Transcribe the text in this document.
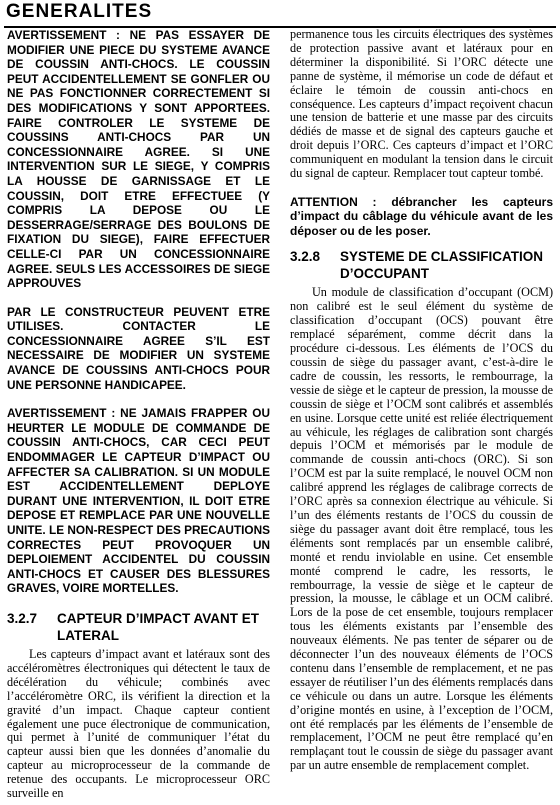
GENERALITES

AVERTISSEMENT : NE PAS ESSAYER DE MODIFIER UNE PIECE DU SYSTEME AVANCE DE COUSSIN ANTI-CHOCS. LE COUSSIN PEUT ACCIDENTELLEMENT SE GONFLER OU NE PAS FONCTIONNER CORRECTEMENT SI DES MODIFICATIONS Y SONT APPORTEES. FAIRE CONTROLER LE SYSTEME DE COUSSINS ANTI-CHOCS PAR UN CONCESSIONNAIRE AGREE. SI UNE INTERVENTION SUR LE SIEGE, Y COMPRIS LA HOUSSE DE GARNISSAGE ET LE COUSSIN, DOIT ETRE EFFECTUEE (Y COMPRIS LA DEPOSE OU LE DESSERRAGE/SERRAGE DES BOULONS DE FIXATION DU SIEGE), FAIRE EFFECTUER CELLE-CI PAR UN CONCESSIONNAIRE AGREE. SEULS LES ACCESSOIRES DE SIEGE APPROUVES

PAR LE CONSTRUCTEUR PEUVENT ETRE UTILISES. CONTACTER LE CONCESSIONNAIRE AGREE S’IL EST NECESSAIRE DE MODIFIER UN SYSTEME AVANCE DE COUSSINS ANTI-CHOCS POUR UNE PERSONNE HANDICAPEE.

AVERTISSEMENT : NE JAMAIS FRAPPER OU HEURTER LE MODULE DE COMMANDE DE COUSSIN ANTI-CHOCS, CAR CECI PEUT ENDOMMAGER LE CAPTEUR D’IMPACT OU AFFECTER SA CALIBRATION. SI UN MODULE EST ACCIDENTELLEMENT DEPLOYE DURANT UNE INTERVENTION, IL DOIT ETRE DEPOSE ET REMPLACE PAR UNE NOUVELLE UNITE. LE NON-RESPECT DES PRECAUTIONS CORRECTES PEUT PROVOQUER UN DEPLOIEMENT ACCIDENTEL DU COUSSIN ANTI-CHOCS ET CAUSER DES BLESSURES GRAVES, VOIRE MORTELLES.

3.2.7	CAPTEUR D’IMPACT AVANT ET LATERAL

Les capteurs d’impact avant et latéraux sont des accéléromètres électroniques qui détectent le taux de décélération du véhicule; combinés avec l’accéléromètre ORC, ils vérifient la direction et la gravité d’un impact. Chaque capteur contient également une puce électronique de communication, qui permet à l’unité de communiquer l’état du capteur aussi bien que les données d’anomalie du capteur au microprocesseur de la commande de retenue des occupants. Le microprocesseur ORC surveille en

permanence tous les circuits électriques des systèmes de protection passive avant et latéraux pour en déterminer la disponibilité. Si l’ORC détecte une panne de système, il mémorise un code de défaut et éclaire le témoin de coussin anti-chocs en conséquence. Les capteurs d’impact reçoivent chacun une tension de batterie et une masse par des circuits dédiés de masse et de signal des capteurs gauche et droit depuis l’ORC. Ces capteurs d’impact et l’ORC communiquent en modulant la tension dans le circuit du signal de capteur. Remplacer tout capteur tombé.

ATTENTION : débrancher les capteurs d’impact du câblage du véhicule avant de les déposer ou de les poser.

3.2.8	SYSTEME DE CLASSIFICATION D’OCCUPANT

Un module de classification d’occupant (OCM) non calibré est le seul élément du système de classification d’occupant (OCS) pouvant être remplacé séparément, comme décrit dans la procédure ci-dessous. Les éléments de l’OCS du coussin de siège du passager avant, c’est-à-dire le cadre de coussin, les ressorts, le rembourrage, la vessie de siège et le capteur de pression, la mousse de coussin de siège et l’OCM sont calibrés et assemblés en usine. Lorsque cette unité est reliée électriquement au véhicule, les réglages de calibration sont chargés depuis l’OCM et mémorisés par le module de commande de coussin anti-chocs (ORC). Si son l’OCM est par la suite remplacé, le nouvel OCM non calibré apprend les réglages de calibrage corrects de l’ORC après sa connexion électrique au véhicule. Si l’un des éléments restants de l’OCS du coussin de siège du passager avant doit être remplacé, tous les éléments sont remplacés par un ensemble calibré, monté et rendu inviolable en usine. Cet ensemble monté comprend le cadre, les ressorts, le rembourrage, la vessie de siège et le capteur de pression, la mousse, le câblage et un OCM calibré. Lors de la pose de cet ensemble, toujours remplacer tous les éléments existants par l’ensemble des nouveaux éléments. Ne pas tenter de séparer ou de déconnecter l’un des nouveaux éléments de l’OCS contenu dans l’ensemble de remplacement, et ne pas essayer de réutiliser l’un des éléments remplacés dans ce véhicule ou dans un autre. Lorsque les éléments d’origine montés en usine, à l’exception de l’OCM, ont été remplacés par les éléments de l’ensemble de remplacement, l’OCM ne peut être remplacé qu’en remplaçant tout le coussin de siège du passager avant par un autre ensemble de remplacement complet.
